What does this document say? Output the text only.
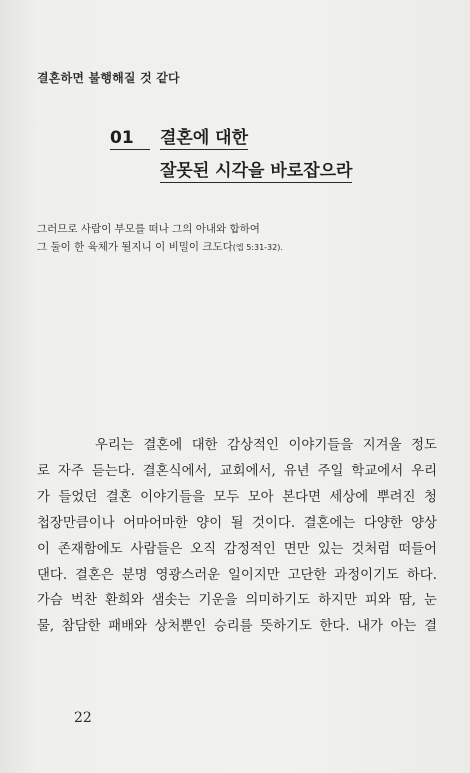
결혼하면 불행해질 것 같다
01	결혼에 대한
잘못된 시각을 바로잡으라
그러므로 사람이 부모를 떠나 그의 아내와 합하여
그 둘이 한 육체가 될지니 이 비밀이 크도다(엡 5:31-32).
우리는 결혼에 대한 감상적인 이야기들을 지겨울 정도
로 자주 듣는다. 결혼식에서, 교회에서, 유년 주일 학교에서 우리
가 들었던 결혼 이야기들을 모두 모아 본다면 세상에 뿌려진 청
첩장만큼이나 어마어마한 양이 될 것이다. 결혼에는 다양한 양상
이 존재함에도 사람들은 오직 감정적인 면만 있는 것처럼 떠들어
댄다. 결혼은 분명 영광스러운 일이지만 고단한 과정이기도 하다.
가슴 벅찬 환희와 샘솟는 기운을 의미하기도 하지만 피와 땀, 눈
물, 참담한 패배와 상처뿐인 승리를 뜻하기도 한다. 내가 아는 결
22
